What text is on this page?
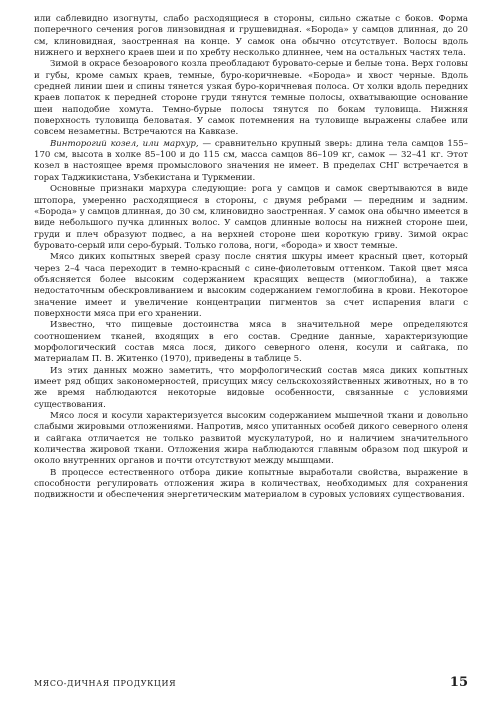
или саблевидно изогнуты, слабо расходящиеся в стороны, сильно сжатые с боков. Форма поперечного сечения рогов линзовидная и грушевидная. «Борода» у самцов длинная, до 20 см, клиновидная, заостренная на конце. У самок она обычно отсутствует. Волосы вдоль нижнего и верхнего краев шеи и по хребту несколько длиннее, чем на остальных частях тела.

Зимой в окрасе безоарового козла преобладают буровато-серые и белые тона. Верх головы и губы, кроме самых краев, темные, буро-коричневые. «Борода» и хвост черные. Вдоль средней линии шеи и спины тянется узкая буро-коричневая полоса. От холки вдоль передних краев лопаток к передней стороне груди тянутся темные полосы, охватывающие основание шеи наподобие хомута. Темно-бурые полосы тянутся по бокам туловища. Нижняя поверхность туловища беловатая. У самок потемнения на туловище выражены слабее или совсем незаметны. Встречаются на Кавказе.

Винторогий козел, или мархур, — сравнительно крупный зверь: длина тела самцов 155–170 см, высота в холке 85–100 и до 115 см, масса самцов 86–109 кг, самок — 32–41 кг. Этот козел в настоящее время промыслового значения не имеет. В пределах СНГ встречается в горах Таджикистана, Узбекистана и Туркмении.

Основные признаки мархура следующие: рога у самцов и самок свертываются в виде штопора, умеренно расходящиеся в стороны, с двумя ребрами — передним и задним. «Борода» у самцов длинная, до 30 см, клиновидно заостренная. У самок она обычно имеется в виде небольшого пучка длинных волос. У самцов длинные волосы на нижней стороне шеи, груди и плеч образуют подвес, а на верхней стороне шеи короткую гриву. Зимой окрас буровато-серый или серо-бурый. Только голова, ноги, «борода» и хвост темные.

Мясо диких копытных зверей сразу после снятия шкуры имеет красный цвет, который через 2–4 часа переходит в темно-красный с сине-фиолетовым оттенком. Такой цвет мяса объясняется более высоким содержанием красящих веществ (миоглобина), а также недостаточным обескровливанием и высоким содержанием гемоглобина в крови. Некоторое значение имеет и увеличение концентрации пигментов за счет испарения влаги с поверхности мяса при его хранении.

Известно, что пищевые достоинства мяса в значительной мере определяются соотношением тканей, входящих в его состав. Средние данные, характеризующие морфологический состав мяса лося, дикого северного оленя, косули и сайгака, по материалам П. В. Житенко (1970), приведены в таблице 5.

Из этих данных можно заметить, что морфологический состав мяса диких копытных имеет ряд общих закономерностей, присущих мясу сельскохозяйственных животных, но в то же время наблюдаются некоторые видовые особенности, связанные с условиями существования.

Мясо лося и косули характеризуется высоким содержанием мышечной ткани и довольно слабыми жировыми отложениями. Напротив, мясо упитанных особей дикого северного оленя и сайгака отличается не только развитой мускулатурой, но и наличием значительного количества жировой ткани. Отложения жира наблюдаются главным образом под шкурой и около внутренних органов и почти отсутствуют между мышцами.

В процессе естественного отбора дикие копытные выработали свойства, выражение в способности регулировать отложения жира в количествах, необходимых для сохранения подвижности и обеспечения энергетическим материалом в суровых условиях существования.

МЯСО-ДИЧНАЯ ПРОДУКЦИЯ	15
